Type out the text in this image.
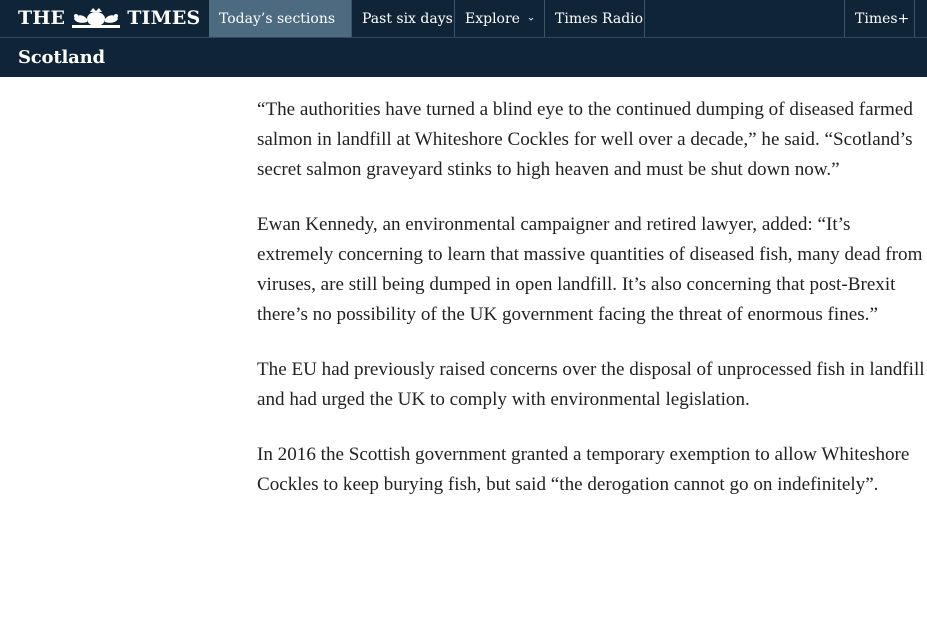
THE	TIMES Today’s sections Past six days Explore	Times Radio	Times+
Scotland

“The authorities have turned a blind eye to the continued dumping of diseased farmed salmon in landfill at Whiteshore Cockles for well over a decade,” he said. “Scotland’s secret salmon graveyard stinks to high heaven and must be shut down now.”

Ewan Kennedy, an environmental campaigner and retired lawyer, added: “It’s extremely concerning to learn that massive quantities of diseased fish, many dead from viruses, are still being dumped in open landfill. It’s also concerning that post-Brexit there’s no possibility of the UK government facing the threat of enormous fines.”

The EU had previously raised concerns over the disposal of unprocessed fish in landfill and had urged the UK to comply with environmental legislation.

In 2016 the Scottish government granted a temporary exemption to allow Whiteshore Cockles to keep burying fish, but said “the derogation cannot go on indefinitely”.
